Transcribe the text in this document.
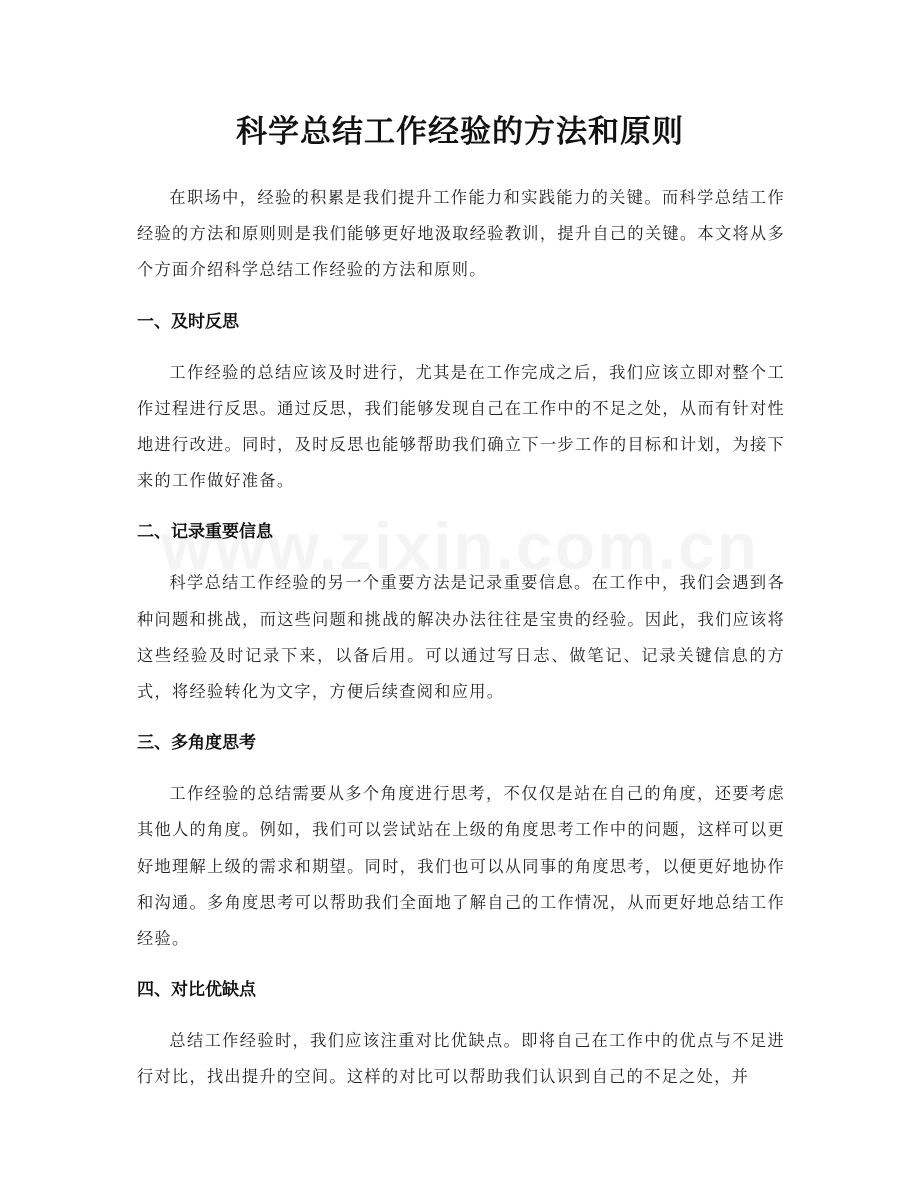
科学总结工作经验的方法和原则

在职场中，经验的积累是我们提升工作能力和实践能力的关键。而科学总结工作经验的方法和原则则是我们能够更好地汲取经验教训，提升自己的关键。本文将从多个方面介绍科学总结工作经验的方法和原则。

一、及时反思

工作经验的总结应该及时进行，尤其是在工作完成之后，我们应该立即对整个工作过程进行反思。通过反思，我们能够发现自己在工作中的不足之处，从而有针对性地进行改进。同时，及时反思也能够帮助我们确立下一步工作的目标和计划，为接下来的工作做好准备。

二、记录重要信息

科学总结工作经验的另一个重要方法是记录重要信息。在工作中，我们会遇到各种问题和挑战，而这些问题和挑战的解决办法往往是宝贵的经验。因此，我们应该将这些经验及时记录下来，以备后用。可以通过写日志、做笔记、记录关键信息的方式，将经验转化为文字，方便后续查阅和应用。

三、多角度思考

工作经验的总结需要从多个角度进行思考，不仅仅是站在自己的角度，还要考虑其他人的角度。例如，我们可以尝试站在上级的角度思考工作中的问题，这样可以更好地理解上级的需求和期望。同时，我们也可以从同事的角度思考，以便更好地协作和沟通。多角度思考可以帮助我们全面地了解自己的工作情况，从而更好地总结工作经验。

四、对比优缺点

总结工作经验时，我们应该注重对比优缺点。即将自己在工作中的优点与不足进行对比，找出提升的空间。这样的对比可以帮助我们认识到自己的不足之处，并
